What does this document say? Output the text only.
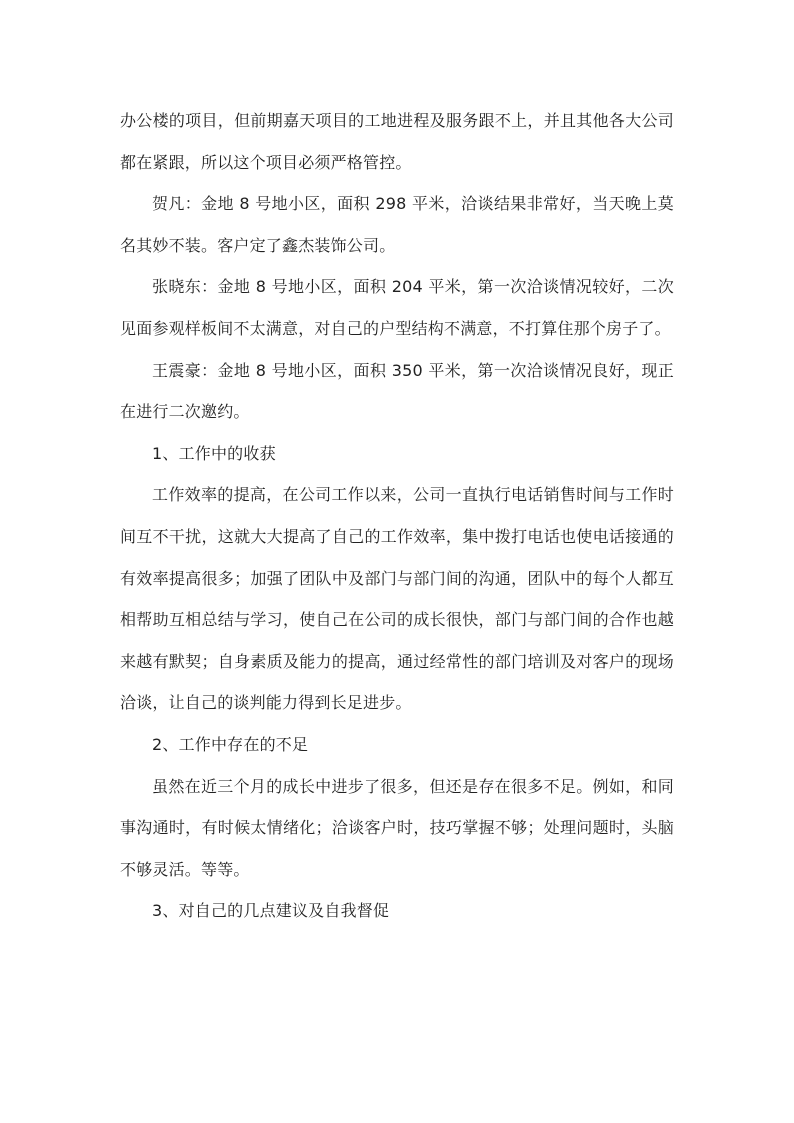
办公楼的项目，但前期嘉天项目的工地进程及服务跟不上，并且其他各大公司都在紧跟，所以这个项目必须严格管控。

贺凡：金地 8 号地小区，面积 298 平米，洽谈结果非常好，当天晚上莫名其妙不装。客户定了鑫杰装饰公司。

张晓东：金地 8 号地小区，面积 204 平米，第一次洽谈情况较好，二次见面参观样板间不太满意，对自己的户型结构不满意，不打算住那个房子了。

王震豪：金地 8 号地小区，面积 350 平米，第一次洽谈情况良好，现正在进行二次邀约。

1、工作中的收获

工作效率的提高，在公司工作以来，公司一直执行电话销售时间与工作时间互不干扰，这就大大提高了自己的工作效率，集中拨打电话也使电话接通的有效率提高很多；加强了团队中及部门与部门间的沟通，团队中的每个人都互相帮助互相总结与学习，使自己在公司的成长很快，部门与部门间的合作也越来越有默契；自身素质及能力的提高，通过经常性的部门培训及对客户的现场洽谈，让自己的谈判能力得到长足进步。

2、工作中存在的不足

虽然在近三个月的成长中进步了很多，但还是存在很多不足。例如，和同事沟通时，有时候太情绪化；洽谈客户时，技巧掌握不够；处理问题时，头脑不够灵活。等等。

3、对自己的几点建议及自我督促
